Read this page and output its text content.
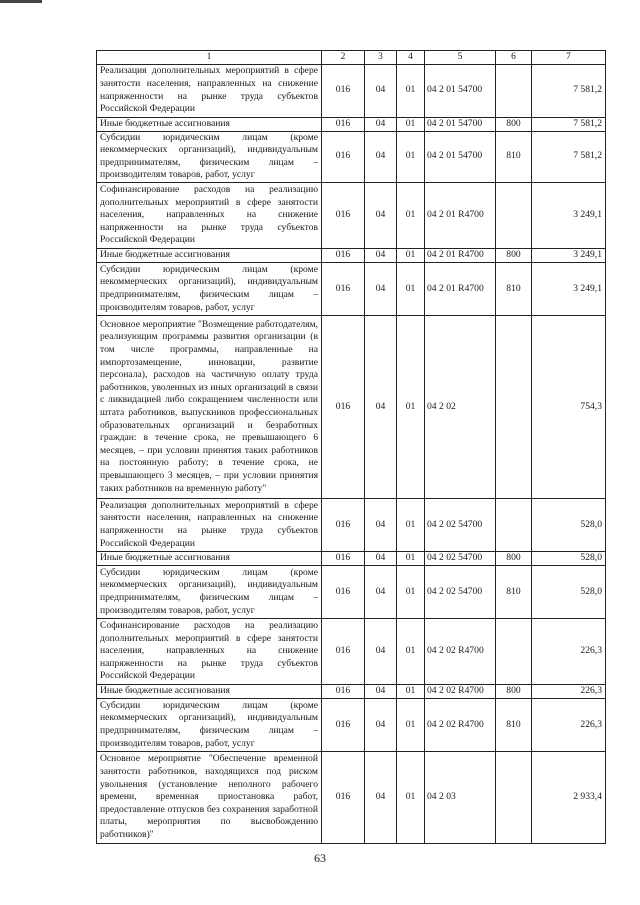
1	2	3	4	5	6	7
Реализация дополнительных мероприятий в сфере занятости населения, направленных на снижение напряженности на рынке труда субъектов Российской Федерации	016	04	01	04 2 01 54700		7 581,2
Иные бюджетные ассигнования	016	04	01	04 2 01 54700	800	7 581,2
Субсидии юридическим лицам (кроме некоммерческих организаций), индивидуальным предпринимателям, физическим лицам – производителям товаров, работ, услуг	016	04	01	04 2 01 54700	810	7 581,2
Софинансирование расходов на реализацию дополнительных мероприятий в сфере занятости населения, направленных на снижение напряженности на рынке труда субъектов Российской Федерации	016	04	01	04 2 01 R4700		3 249,1
Иные бюджетные ассигнования	016	04	01	04 2 01 R4700	800	3 249,1
Субсидии юридическим лицам (кроме некоммерческих организаций), индивидуальным предпринимателям, физическим лицам – производителям товаров, работ, услуг	016	04	01	04 2 01 R4700	810	3 249,1
Основное мероприятие "Возмещение работодателям, реализующим программы развития организации (в том числе программы, направленные на импортозамещение, инновации, развитие персонала), расходов на частичную оплату труда работников, уволенных из иных организаций в связи с ликвидацией либо сокращением численности или штата работников, выпускников профессиональных образовательных организаций и безработных граждан: в течение срока, не превышающего 6 месяцев, – при условии принятия таких работников на постоянную работу; в течение срока, не превышающего 3 месяцев, – при условии принятия таких работников на временную работу"	016	04	01	04 2 02		754,3
Реализация дополнительных мероприятий в сфере занятости населения, направленных на снижение напряженности на рынке труда субъектов Российской Федерации	016	04	01	04 2 02 54700		528,0
Иные бюджетные ассигнования	016	04	01	04 2 02 54700	800	528,0
Субсидии юридическим лицам (кроме некоммерческих организаций), индивидуальным предпринимателям, физическим лицам – производителям товаров, работ, услуг	016	04	01	04 2 02 54700	810	528,0
Софинансирование расходов на реализацию дополнительных мероприятий в сфере занятости населения, направленных на снижение напряженности на рынке труда субъектов Российской Федерации	016	04	01	04 2 02 R4700		226,3
Иные бюджетные ассигнования	016	04	01	04 2 02 R4700	800	226,3
Субсидии юридическим лицам (кроме некоммерческих организаций), индивидуальным предпринимателям, физическим лицам – производителям товаров, работ, услуг	016	04	01	04 2 02 R4700	810	226,3
Основное мероприятие "Обеспечение временной занятости работников, находящихся под риском увольнения (установление неполного рабочего времени, временная приостановка работ, предоставление отпусков без сохранения заработной платы, мероприятия по высвобождению работников)"	016	04	01	04 2 03		2 933,4
63
